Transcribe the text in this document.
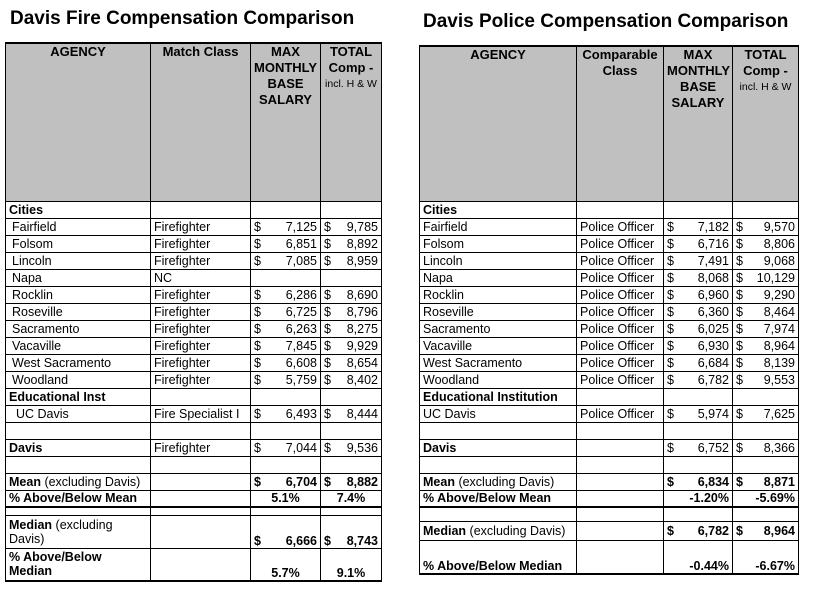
Davis Fire Compensation Comparison
AGENCY	Match Class	MAX MONTHLY BASE SALARY	TOTAL Comp -
incl. H & W
Cities			
Fairfield	Firefighter	$ 7,125	$ 9,785

Folsom	Firefighter	$ 6,851	$ 8,892

Lincoln	Firefighter	$ 7,085	$ 8,959

Napa	NC		
Rocklin	Firefighter	$ 6,286	$ 8,690

Roseville	Firefighter	$ 6,725	$ 8,796

Sacramento	Firefighter	$ 6,263	$ 8,275

Vacaville	Firefighter	$ 7,845	$ 9,929

West Sacramento	Firefighter	$ 6,608	$ 8,654

Woodland	Firefighter	$ 5,759	$ 8,402

Educational Inst			
UC Davis	Fire Specialist I	$ 6,493	$ 8,444

Davis	Firefighter	$ 7,044	$ 9,536

Mean (excluding Davis)		$ 6,704	$ 8,882

% Above/Below Mean		5.1%	7.4%

Median (excluding
Davis)		$ 6,666	$ 8,743

% Above/Below
Median		5.7%	9.1%
Davis Police Compensation Comparison
AGENCY	Comparable Class	MAX MONTHLY BASE SALARY	TOTAL Comp -
incl. H & W
Cities			
Fairfield	Police Officer	$ 7,182	$ 9,570

Folsom	Police Officer	$ 6,716	$ 8,806

Lincoln	Police Officer	$ 7,491	$ 9,068

Napa	Police Officer	$ 8,068	$ 10,129

Rocklin	Police Officer	$ 6,960	$ 9,290

Roseville	Police Officer	$ 6,360	$ 8,464

Sacramento	Police Officer	$ 6,025	$ 7,974

Vacaville	Police Officer	$ 6,930	$ 8,964

West Sacramento	Police Officer	$ 6,684	$ 8,139

Woodland	Police Officer	$ 6,782	$ 9,553

Educational Institution			
UC Davis	Police Officer	$ 5,974	$ 7,625

Davis		$ 6,752	$ 8,366

Mean (excluding Davis)		$ 6,834	$ 8,871

% Above/Below Mean		-1.20%	-5.69%

Median (excluding Davis)		$ 6,782	$ 8,964

% Above/Below Median		-0.44%	-6.67%
